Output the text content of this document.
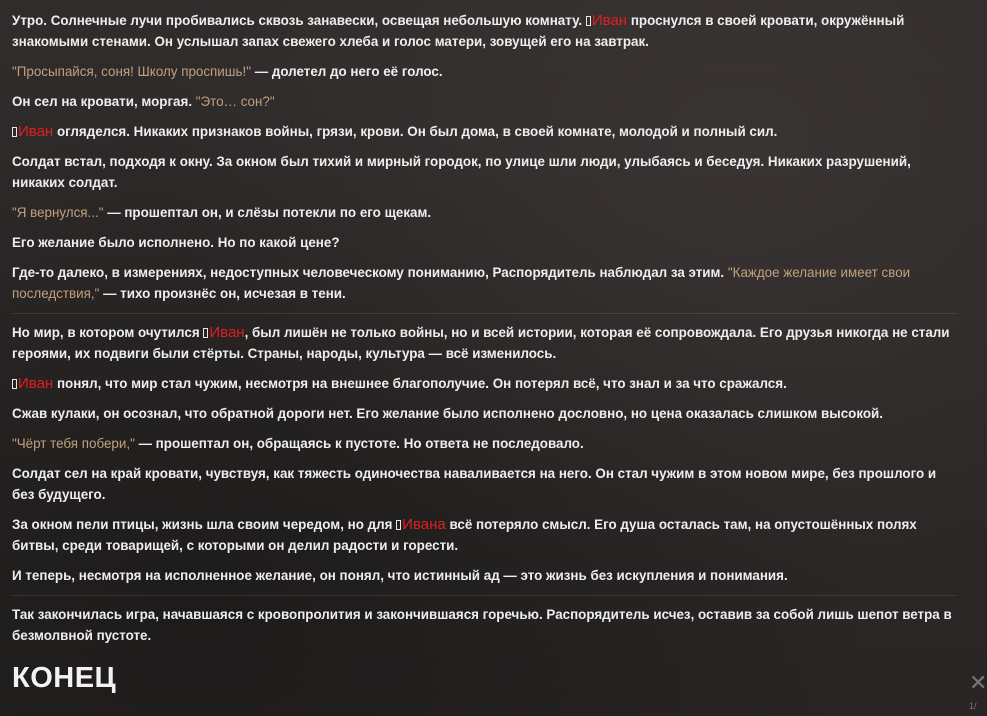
Утро. Солнечные лучи пробивались сквозь занавески, освещая небольшую комнату. Иван проснулся в своей кровати, окружённый знакомыми стенами. Он услышал запах свежего хлеба и голос матери, зовущей его на завтрак.
"Просыпайся, соня! Школу проспишь!" — долетел до него её голос.
Он сел на кровати, моргая. "Это… сон?"
Иван огляделся. Никаких признаков войны, грязи, крови. Он был дома, в своей комнате, молодой и полный сил.
Солдат встал, подходя к окну. За окном был тихий и мирный городок, по улице шли люди, улыбаясь и беседуя. Никаких разрушений, никаких солдат.
"Я вернулся..." — прошептал он, и слёзы потекли по его щекам.
Его желание было исполнено. Но по какой цене?
Где-то далеко, в измерениях, недоступных человеческому пониманию, Распорядитель наблюдал за этим. "Каждое желание имеет свои последствия," — тихо произнёс он, исчезая в тени.
Но мир, в котором очутился Иван, был лишён не только войны, но и всей истории, которая её сопровождала. Его друзья никогда не стали героями, их подвиги были стёрты. Страны, народы, культура — всё изменилось.
Иван понял, что мир стал чужим, несмотря на внешнее благополучие. Он потерял всё, что знал и за что сражался.
Сжав кулаки, он осознал, что обратной дороги нет. Его желание было исполнено дословно, но цена оказалась слишком высокой.
"Чёрт тебя побери," — прошептал он, обращаясь к пустоте. Но ответа не последовало.
Солдат сел на край кровати, чувствуя, как тяжесть одиночества наваливается на него. Он стал чужим в этом новом мире, без прошлого и без будущего.
За окном пели птицы, жизнь шла своим чередом, но для Ивана всё потеряло смысл. Его душа осталась там, на опустошённых полях битвы, среди товарищей, с которыми он делил радости и горести.
И теперь, несмотря на исполненное желание, он понял, что истинный ад — это жизнь без искупления и понимания.
Так закончилась игра, начавшаяся с кровопролития и закончившаяся горечью. Распорядитель исчез, оставив за собой лишь шепот ветра в безмолвной пустоте.
КОНЕЦ	✕
1/
